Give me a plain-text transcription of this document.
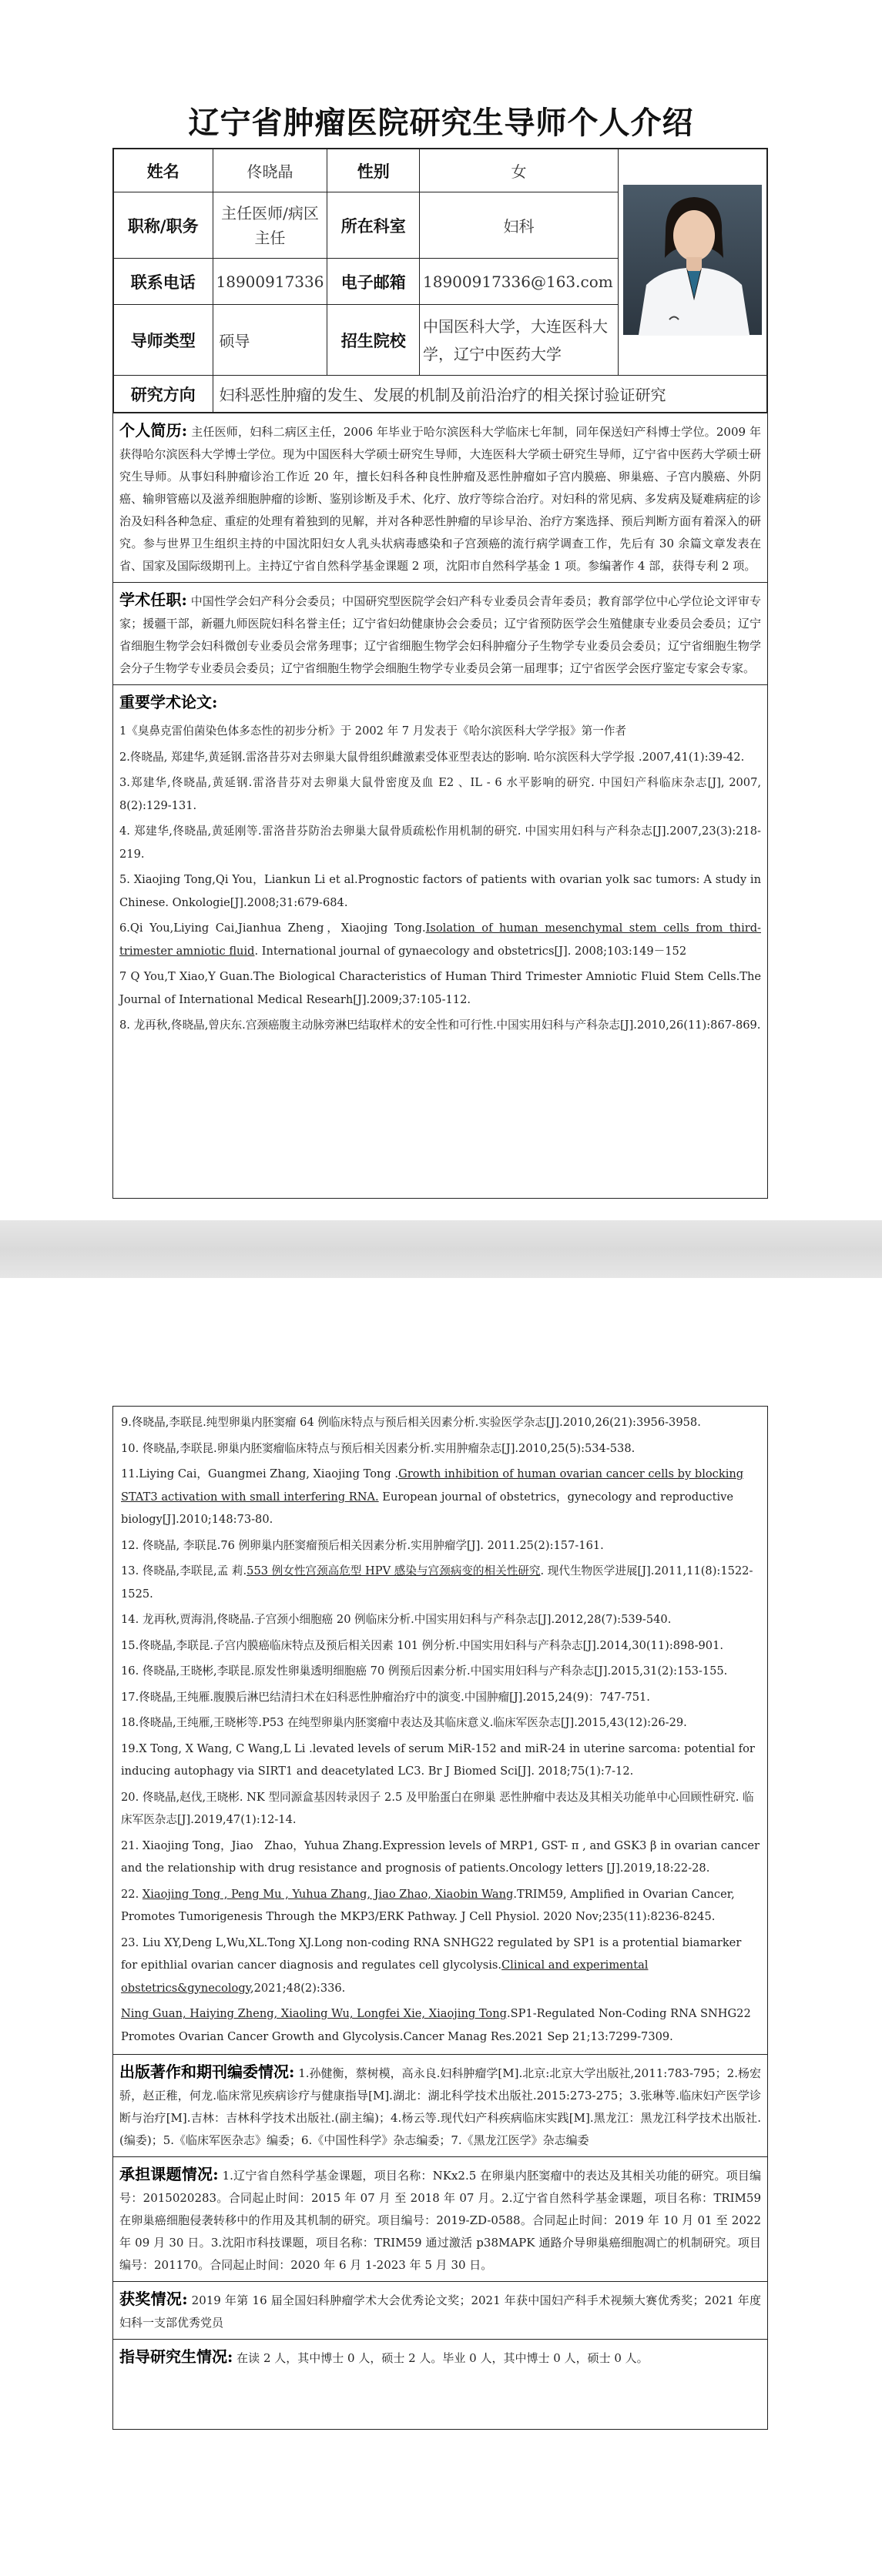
辽宁省肿瘤医院研究生导师个人介绍
姓名	佟晓晶	性别	女	
职称/职务	主任医师/病区主任	所在科室	妇科	
联系电话	18900917336	电子邮箱	18900917336@163.com	
导师类型	硕导	招生院校	中国医科大学，大连医科大学，辽宁中医药大学	
研究方向	妇科恶性肿瘤的发生、发展的机制及前沿治疗的相关探讨验证研究			
个人简历: 主任医师，妇科二病区主任，2006 年毕业于哈尔滨医科大学临床七年制，同年保送妇产科博士学位。2009 年获得哈尔滨医科大学博士学位。现为中国医科大学硕士研究生导师，大连医科大学硕士研究生导师，辽宁省中医药大学硕士研究生导师。从事妇科肿瘤诊治工作近 20 年，擅长妇科各种良性肿瘤及恶性肿瘤如子宫内膜癌、卵巢癌、子宫内膜癌、外阴癌、输卵管癌以及滋养细胞肿瘤的诊断、鉴别诊断及手术、化疗、放疗等综合治疗。对妇科的常见病、多发病及疑难病症的诊治及妇科各种急症、重症的处理有着独到的见解，并对各种恶性肿瘤的早诊早治、治疗方案选择、预后判断方面有着深入的研究。参与世界卫生组织主持的中国沈阳妇女人乳头状病毒感染和子宫颈癌的流行病学调查工作，先后有 30 余篇文章发表在省、国家及国际级期刊上。主持辽宁省自然科学基金课题 2 项，沈阳市自然科学基金 1 项。参编著作 4 部，获得专利 2 项。
学术任职: 中国性学会妇产科分会委员；中国研究型医院学会妇产科专业委员会青年委员；教育部学位中心学位论文评审专家；援疆干部，新疆九师医院妇科名誉主任；辽宁省妇幼健康协会会委员；辽宁省预防医学会生殖健康专业委员会委员；辽宁省细胞生物学会妇科微创专业委员会常务理事；辽宁省细胞生物学会妇科肿瘤分子生物学专业委员会委员；辽宁省细胞生物学会分子生物学专业委员会委员；辽宁省细胞生物学会细胞生物学专业委员会第一届理事；辽宁省医学会医疗鉴定专家会专家。
重要学术论文:
1《臭鼻克雷伯菌染色体多态性的初步分析》于 2002 年 7 月发表于《哈尔滨医科大学学报》第一作者
2.佟晓晶, 郑建华,黄延钢.雷洛昔芬对去卵巢大鼠骨组织雌激素受体亚型表达的影响. 哈尔滨医科大学学报 .2007,41(1):39-42.
3.郑建华,佟晓晶,黄延钢.雷洛昔芬对去卵巢大鼠骨密度及血 E2 、IL - 6 水平影响的研究. 中国妇产科临床杂志[J], 2007, 8(2):129-131.
4. 郑建华,佟晓晶,黄延刚等.雷洛昔芬防治去卵巢大鼠骨质疏松作用机制的研究. 中国实用妇科与产科杂志[J].2007,23(3):218-219.
5. Xiaojing Tong,Qi You，Liankun Li et al.Prognostic factors of patients with ovarian yolk sac tumors: A study in Chinese. Onkologie[J].2008;31:679-684.
6.Qi You,Liying Cai,Jianhua Zheng，Xiaojing Tong.Isolation of human mesenchymal stem cells from third-trimester amniotic fluid. International journal of gynaecology and obstetrics[J]. 2008;103:149－152
7 Q You,T Xiao,Y Guan.The Biological Characteristics of Human Third Trimester Amniotic Fluid Stem Cells.The Journal of International Medical Researh[J].2009;37:105-112.
8. 龙再秋,佟晓晶,曾庆东.宫颈癌腹主动脉旁淋巴结取样术的安全性和可行性.中国实用妇科与产科杂志[J].2010,26(11):867-869.
9.佟晓晶,李联昆.纯型卵巢内胚窦瘤 64 例临床特点与预后相关因素分析.实验医学杂志[J].2010,26(21):3956-3958.
10. 佟晓晶,李联昆.卵巢内胚窦瘤临床特点与预后相关因素分析.实用肿瘤杂志[J].2010,25(5):534-538.
11.Liying Cai，Guangmei Zhang, Xiaojing Tong .Growth inhibition of human ovarian cancer cells by blocking STAT3 activation with small interfering RNA. European journal of obstetrics，gynecology and reproductive biology[J].2010;148:73-80.
12. 佟晓晶, 李联昆.76 例卵巢内胚窦瘤预后相关因素分析.实用肿瘤学[J]. 2011.25(2):157-161.
13. 佟晓晶,李联昆,孟 莉.553 例女性宫颈高危型 HPV 感染与宫颈病变的相关性研究. 现代生物医学进展[J].2011,11(8):1522-1525.
14. 龙再秋,贾海涓,佟晓晶.子宫颈小细胞癌 20 例临床分析.中国实用妇科与产科杂志[J].2012,28(7):539-540.
15.佟晓晶,李联昆.子宫内膜癌临床特点及预后相关因素 101 例分析.中国实用妇科与产科杂志[J].2014,30(11):898-901.
16. 佟晓晶,王晓彬,李联昆.原发性卵巢透明细胞癌 70 例预后因素分析.中国实用妇科与产科杂志[J].2015,31(2):153-155.
17.佟晓晶,王纯雁.腹膜后淋巴结清扫术在妇科恶性肿瘤治疗中的演变.中国肿瘤[J].2015,24(9)：747-751.
18.佟晓晶,王纯雁,王晓彬等.P53 在纯型卵巢内胚窦瘤中表达及其临床意义.临床军医杂志[J].2015,43(12):26-29.
19.X Tong, X Wang, C Wang,L Li .levated levels of serum MiR-152 and miR-24 in uterine sarcoma: potential for inducing autophagy via SIRT1 and deacetylated LC3. Br J Biomed Sci[J]. 2018;75(1):7-12.
20. 佟晓晶,赵伐,王晓彬. NK 型同源盒基因转录因子 2.5 及甲胎蛋白在卵巢 恶性肿瘤中表达及其相关功能单中心回顾性研究. 临床军医杂志[J].2019,47(1):12-14.
21. Xiaojing Tong，Jiao　Zhao，Yuhua Zhang.Expression levels of MRP1, GST- π , and GSK3 β in ovarian cancer and the relationship with drug resistance and prognosis of patients.Oncology letters [J].2019,18:22-28.
22. Xiaojing Tong , Peng Mu , Yuhua Zhang, Jiao Zhao, Xiaobin Wang.TRIM59, Amplified in Ovarian Cancer, Promotes Tumorigenesis Through the MKP3/ERK Pathway. J Cell Physiol. 2020 Nov;235(11):8236-8245.
23. Liu XY,Deng L,Wu,XL.Tong XJ.Long non-coding RNA SNHG22 regulated by SP1 is a protential biamarker for epithlial ovarian cancer diagnosis and regulates cell glycolysis.Clinical and experimental obstetrics&gynecology,2021;48(2):336.
Ning Guan, Haiying Zheng, Xiaoling Wu, Longfei Xie, Xiaojing Tong.SP1-Regulated Non-Coding RNA SNHG22 Promotes Ovarian Cancer Growth and Glycolysis.Cancer Manag Res.2021 Sep 21;13:7299-7309.
出版著作和期刊编委情况: 1.孙健衡，蔡树模，高永良.妇科肿瘤学[M].北京:北京大学出版社,2011:783-795；2.杨宏骄，赵正稚，何龙.临床常见疾病诊疗与健康指导[M].湖北：湖北科学技术出版社.2015:273-275；3.张琳等.临床妇产医学诊断与治疗[M].吉林：吉林科学技术出版社.(副主编)；4.杨云等.现代妇产科疾病临床实践[M].黑龙江：黑龙江科学技术出版社.(编委)；5.《临床军医杂志》编委；6.《中国性科学》杂志编委；7.《黑龙江医学》杂志编委
承担课题情况: 1.辽宁省自然科学基金课题，项目名称：NKx2.5 在卵巢内胚窦瘤中的表达及其相关功能的研究。项目编号：2015020283。合同起止时间：2015 年 07 月 至 2018 年 07 月。2.辽宁省自然科学基金课题，项目名称：TRIM59 在卵巢癌细胞侵袭转移中的作用及其机制的研究。项目编号：2019-ZD-0588。合同起止时间：2019 年 10 月 01 至 2022 年 09 月 30 日。3.沈阳市科技课题，项目名称：TRIM59 通过激活 p38MAPK 通路介导卵巢癌细胞凋亡的机制研究。项目编号：201170。合同起止时间：2020 年 6 月 1-2023 年 5 月 30 日。
获奖情况: 2019 年第 16 届全国妇科肿瘤学术大会优秀论文奖；2021 年获中国妇产科手术视频大赛优秀奖；2021 年度妇科一支部优秀党员
指导研究生情况: 在读 2 人，其中博士 0 人，硕士 2 人。毕业 0 人，其中博士 0 人，硕士 0 人。
